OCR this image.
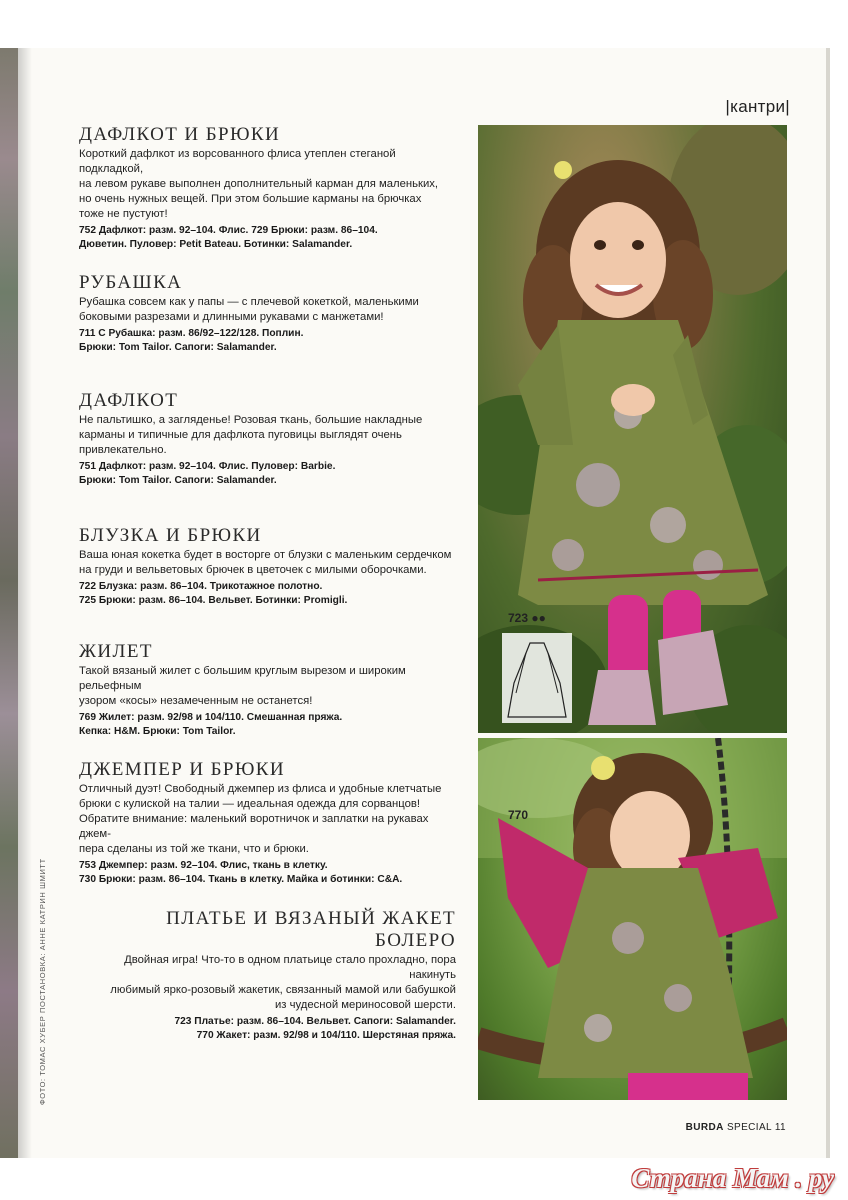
|кантри|
ДАФЛКОТ И БРЮКИ
Короткий дафлкот из ворсованного флиса утеплен стеганой подкладкой,
на левом рукаве выполнен дополнительный карман для маленьких,
но очень нужных вещей. При этом большие карманы на брючках
тоже не пустуют!
752 Дафлкот: разм. 92–104. Флис. 729 Брюки: разм. 86–104.
Дюветин. Пуловер: Petit Bateau. Ботинки: Salamander.
РУБАШКА
Рубашка совсем как у папы — с плечевой кокеткой, маленькими
боковыми разрезами и длинными рукавами с манжетами!
711 С Рубашка: разм. 86/92–122/128. Поплин.
Брюки: Tom Tailor. Сапоги: Salamander.
ДАФЛКОТ
Не пальтишко, а загляденье! Розовая ткань, большие накладные
карманы и типичные для дафлкота пуговицы выглядят очень
привлекательно.
751 Дафлкот: разм. 92–104. Флис. Пуловер: Barbie.
Брюки: Tom Tailor. Сапоги: Salamander.
БЛУЗКА И БРЮКИ
Ваша юная кокетка будет в восторге от блузки с маленьким сердечком
на груди и вельветовых брючек в цветочек с милыми оборочками.
722 Блузка: разм. 86–104. Трикотажное полотно.
725 Брюки: разм. 86–104. Вельвет. Ботинки: Promigli.
ЖИЛЕТ
Такой вязаный жилет с большим круглым вырезом и широким рельефным
узором «косы» незамеченным не останется!
769 Жилет: разм. 92/98 и 104/110. Смешанная пряжа.
Кепка: H&M. Брюки: Tom Tailor.
ДЖЕМПЕР И БРЮКИ
Отличный дуэт! Свободный джемпер из флиса и удобные клетчатые
брюки с кулиской на талии — идеальная одежда для сорванцов!
Обратите внимание: маленький воротничок и заплатки на рукавах джем-
пера сделаны из той же ткани, что и брюки.
753 Джемпер: разм. 92–104. Флис, ткань в клетку.
730 Брюки: разм. 86–104. Ткань в клетку. Майка и ботинки: C&A.
ПЛАТЬЕ И ВЯЗАНЫЙ ЖАКЕТ БОЛЕРО
Двойная игра! Что-то в одном платьице стало прохладно, пора накинуть
любимый ярко-розовый жакетик, связанный мамой или бабушкой
из чудесной мериносовой шерсти.
723 Платье: разм. 86–104. Вельвет. Сапоги: Salamander.
770 Жакет: разм. 92/98 и 104/110. Шерстяная пряжа.
ФОТО: ТОМАС ХУБЕР ПОСТАНОВКА: АННЕ КАТРИН ШМИТТ
723 ●●
770
BURDA SPECIAL 11
Страна Мам . ру
